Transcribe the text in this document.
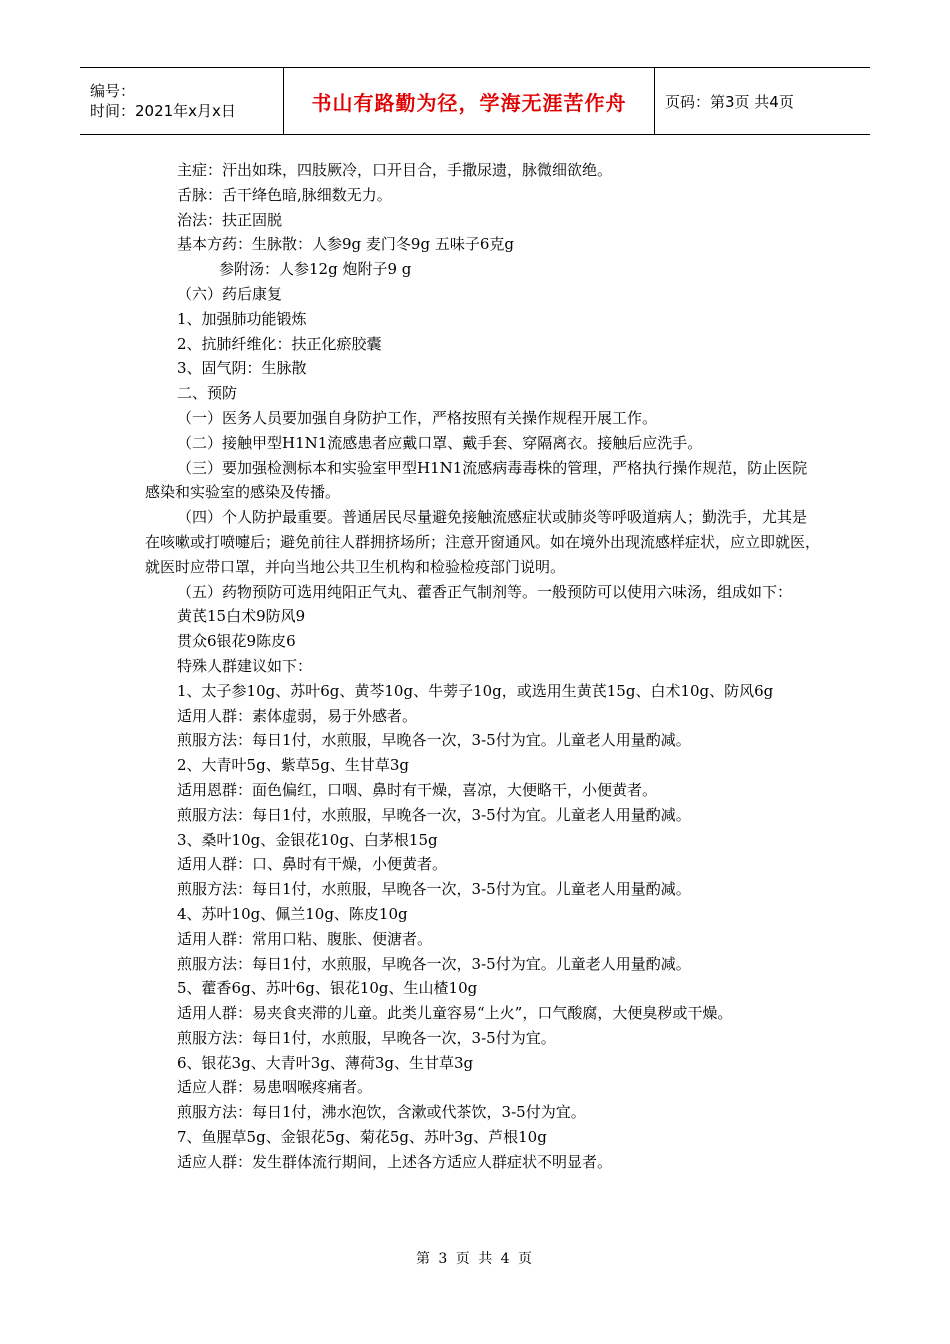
编号：
时间：2021年x月x日	书山有路勤为径，学海无涯苦作舟	页码：第3页 共4页

主症：汗出如珠，四肢厥冷，口开目合，手撒尿遗，脉微细欲绝。

舌脉：舌干绛色暗,脉细数无力。

治法：扶正固脱

基本方药：生脉散：人参9g 麦门冬9g 五味子6克g

参附汤：人参12g 炮附子9 g

（六）药后康复

1、加强肺功能锻炼

2、抗肺纤维化：扶正化瘀胶囊

3、固气阴：生脉散

二、预防

（一）医务人员要加强自身防护工作，严格按照有关操作规程开展工作。

（二）接触甲型H1N1流感患者应戴口罩、戴手套、穿隔离衣。接触后应洗手。

（三）要加强检测标本和实验室甲型H1N1流感病毒毒株的管理，严格执行操作规范，防止医院感染和实验室的感染及传播。

（四）个人防护最重要。普通居民尽量避免接触流感症状或肺炎等呼吸道病人；勤洗手，尤其是在咳嗽或打喷嚏后；避免前往人群拥挤场所；注意开窗通风。如在境外出现流感样症状，应立即就医，就医时应带口罩，并向当地公共卫生机构和检验检疫部门说明。

（五）药物预防可选用纯阳正气丸、藿香正气制剂等。一般预防可以使用六味汤，组成如下：

黄芪15白术9防风9

贯众6银花9陈皮6

特殊人群建议如下：

1、太子参10g、苏叶6g、黄芩10g、牛蒡子10g，或选用生黄芪15g、白术10g、防风6g

适用人群：素体虚弱，易于外感者。

煎服方法：每日1付，水煎服，早晚各一次，3-5付为宜。儿童老人用量酌减。

2、大青叶5g、紫草5g、生甘草3g

适用恩群：面色偏红，口咽、鼻时有干燥，喜凉，大便略干，小便黄者。

煎服方法：每日1付，水煎服，早晚各一次，3-5付为宜。儿童老人用量酌减。

3、桑叶10g、金银花10g、白茅根15g

适用人群：口、鼻时有干燥，小便黄者。

煎服方法：每日1付，水煎服，早晚各一次，3-5付为宜。儿童老人用量酌减。

4、苏叶10g、佩兰10g、陈皮10g

适用人群：常用口粘、腹胀、便溏者。

煎服方法：每日1付，水煎服，早晚各一次，3-5付为宜。儿童老人用量酌减。

5、藿香6g、苏叶6g、银花10g、生山楂10g

适用人群：易夹食夹滞的儿童。此类儿童容易“上火”，口气酸腐，大便臭秽或干燥。

煎服方法：每日1付，水煎服，早晚各一次，3-5付为宜。

6、银花3g、大青叶3g、薄荷3g、生甘草3g

适应人群：易患咽喉疼痛者。

煎服方法：每日1付，沸水泡饮，含漱或代茶饮，3-5付为宜。

7、鱼腥草5g、金银花5g、菊花5g、苏叶3g、芦根10g

适应人群：发生群体流行期间，上述各方适应人群症状不明显者。

第 3 页 共 4 页
